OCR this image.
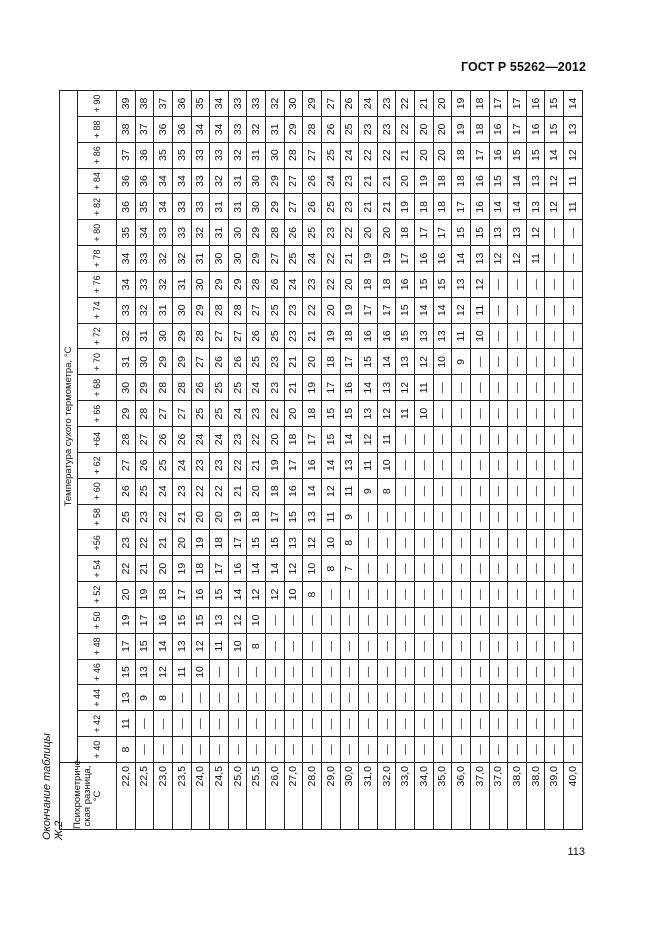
ГОСТ Р 55262—2012
Окончание таблицы Ж.2
Психрометриче-ская разница, °С	Температура сухого термометра, °С																									
	+ 40	+ 42	+ 44	+ 46	+ 48	+ 50	+ 52	+ 54	+56	+ 58	+ 60	+ 62	+64	+ 66	+ 68	+ 70	+ 72	+ 74	+ 76	+ 78	+ 80	+ 82	+ 84	+ 86	+ 88	+ 90
22,0	8	11	13	15	17	19	20	22	23	25	26	27	28	29	30	31	32	33	34	34	35	36	36	37	38	39
22,5	—	—	9	13	15	17	19	21	22	23	25	26	27	28	29	30	31	32	33	33	34	35	36	36	37	38
23,0	—	—	8	12	14	16	18	20	21	22	24	25	26	27	28	29	30	31	32	32	33	34	34	35	36	37
23,5	—	—	—	11	13	15	17	19	20	21	23	24	26	27	28	29	29	30	31	32	33	33	34	35	36	36
24,0	—	—	—	10	12	15	16	18	19	20	22	23	24	25	26	27	28	29	30	31	32	33	33	33	34	35
24,5	—	—	—	—	11	13	15	17	18	20	22	23	24	25	25	26	27	28	29	30	31	31	32	33	34	34
25,0	—	—	—	—	10	12	14	16	17	19	21	22	23	24	25	26	27	28	29	30	30	31	31	32	33	33
25,5	—	—	—	—	8	10	12	14	15	18	20	21	22	23	24	25	26	27	28	29	29	30	30	31	32	33
26,0	—	—	—	—	—	—	12	14	15	17	18	19	20	22	23	23	25	25	26	27	28	29	29	30	31	32
27,0	—	—	—	—	—	—	10	12	13	15	16	17	18	20	21	21	23	23	24	25	26	27	27	28	29	30
28,0	—	—	—	—	—	—	8	10	12	13	14	16	17	18	19	20	21	22	23	24	25	26	26	27	28	29
29,0	—	—	—	—	—	—	—	8	10	11	12	14	15	15	17	18	19	20	22	22	23	25	24	25	26	27
30,0	—	—	—	—	—	—	—	7	8	9	11	13	14	15	16	17	18	19	20	21	22	23	23	24	25	26
31,0	—	—	—	—	—	—	—	—	—	—	9	11	12	13	14	15	16	17	18	19	20	21	21	22	23	24
32,0	—	—	—	—	—	—	—	—	—	—	8	10	11	12	13	14	16	17	18	19	20	21	21	22	23	23
33,0	—	—	—	—	—	—	—	—	—	—	—	—	—	11	12	13	15	15	16	17	18	19	20	21	22	22
34,0	—	—	—	—	—	—	—	—	—	—	—	—	—	10	11	12	13	14	15	16	17	18	19	20	20	21
35,0	—	—	—	—	—	—	—	—	—	—	—	—	—	—	—	10	13	14	15	16	17	18	18	20	20	20
36,0	—	—	—	—	—	—	—	—	—	—	—	—	—	—	—	9	11	12	13	14	15	17	18	18	19	19
37,0	—	—	—	—	—	—	—	—	—	—	—	—	—	—	—	—	10	11	12	13	15	16	16	17	18	18
37,0	—	—	—	—	—	—	—	—	—	—	—	—	—	—	—	—	—	—	—	12	13	14	15	16	16	17
38,0	—	—	—	—	—	—	—	—	—	—	—	—	—	—	—	—	—	—	—	12	13	14	14	15	17	17
38,0	—	—	—	—	—	—	—	—	—	—	—	—	—	—	—	—	—	—	—	11	12	13	13	15	16	16
39,0	—	—	—	—	—	—	—	—	—	—	—	—	—	—	—	—	—	—	—	—	—	12	12	14	15	15
40,0	—	—	—	—	—	—	—	—	—	—	—	—	—	—	—	—	—	—	—	—	—	11	11	12	13	14
113
